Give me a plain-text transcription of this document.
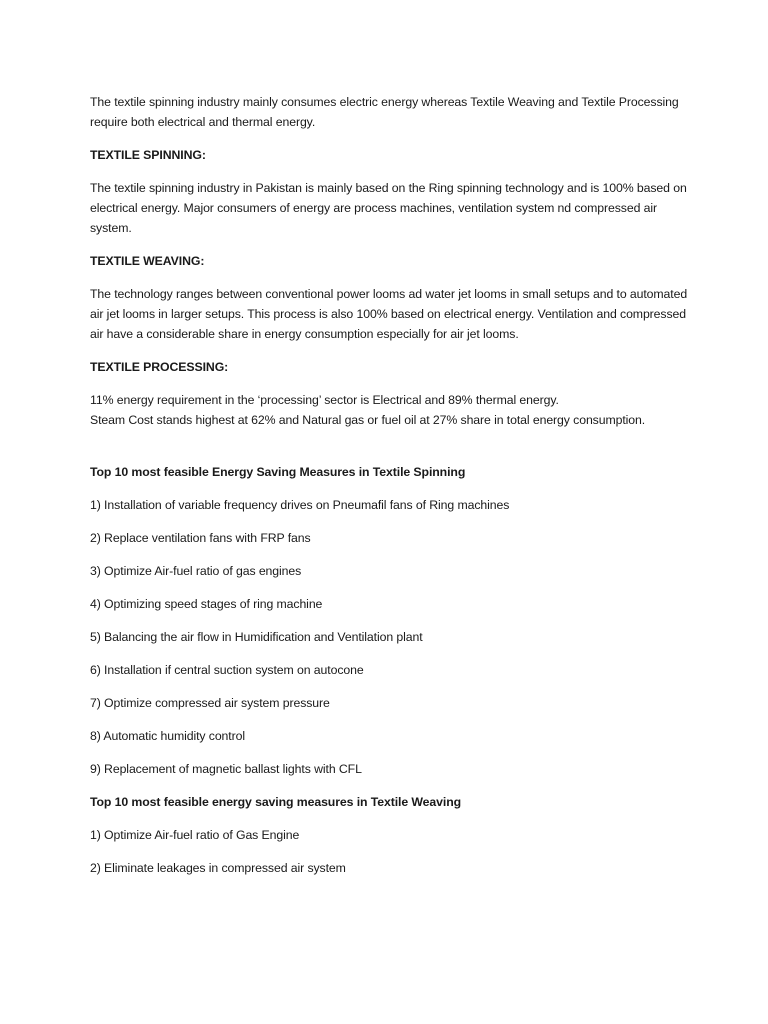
The textile spinning industry mainly consumes electric energy whereas Textile Weaving and Textile Processing require both electrical and thermal energy.

TEXTILE SPINNING:

The textile spinning industry in Pakistan is mainly based on the Ring spinning technology and is 100% based on electrical energy. Major consumers of energy are process machines, ventilation system nd compressed air system.

TEXTILE WEAVING:

The technology ranges between conventional power looms ad water jet looms in small setups and to automated air jet looms in larger setups. This process is also 100% based on electrical energy. Ventilation and compressed air have a considerable share in energy consumption especially for air jet looms.

TEXTILE PROCESSING:

11% energy requirement in the ‘processing’ sector is Electrical and 89% thermal energy.
Steam Cost stands highest at 62% and Natural gas or fuel oil at 27% share in total energy consumption.

Top 10 most feasible Energy Saving Measures in Textile Spinning

1) Installation of variable frequency drives on Pneumafil fans of Ring machines

2) Replace ventilation fans with FRP fans

3) Optimize Air-fuel ratio of gas engines

4) Optimizing speed stages of ring machine

5) Balancing the air flow in Humidification and Ventilation plant

6) Installation if central suction system on autocone

7) Optimize compressed air system pressure

8) Automatic humidity control

9) Replacement of magnetic ballast lights with CFL

Top 10 most feasible energy saving measures in Textile Weaving

1) Optimize Air-fuel ratio of Gas Engine

2) Eliminate leakages in compressed air system
